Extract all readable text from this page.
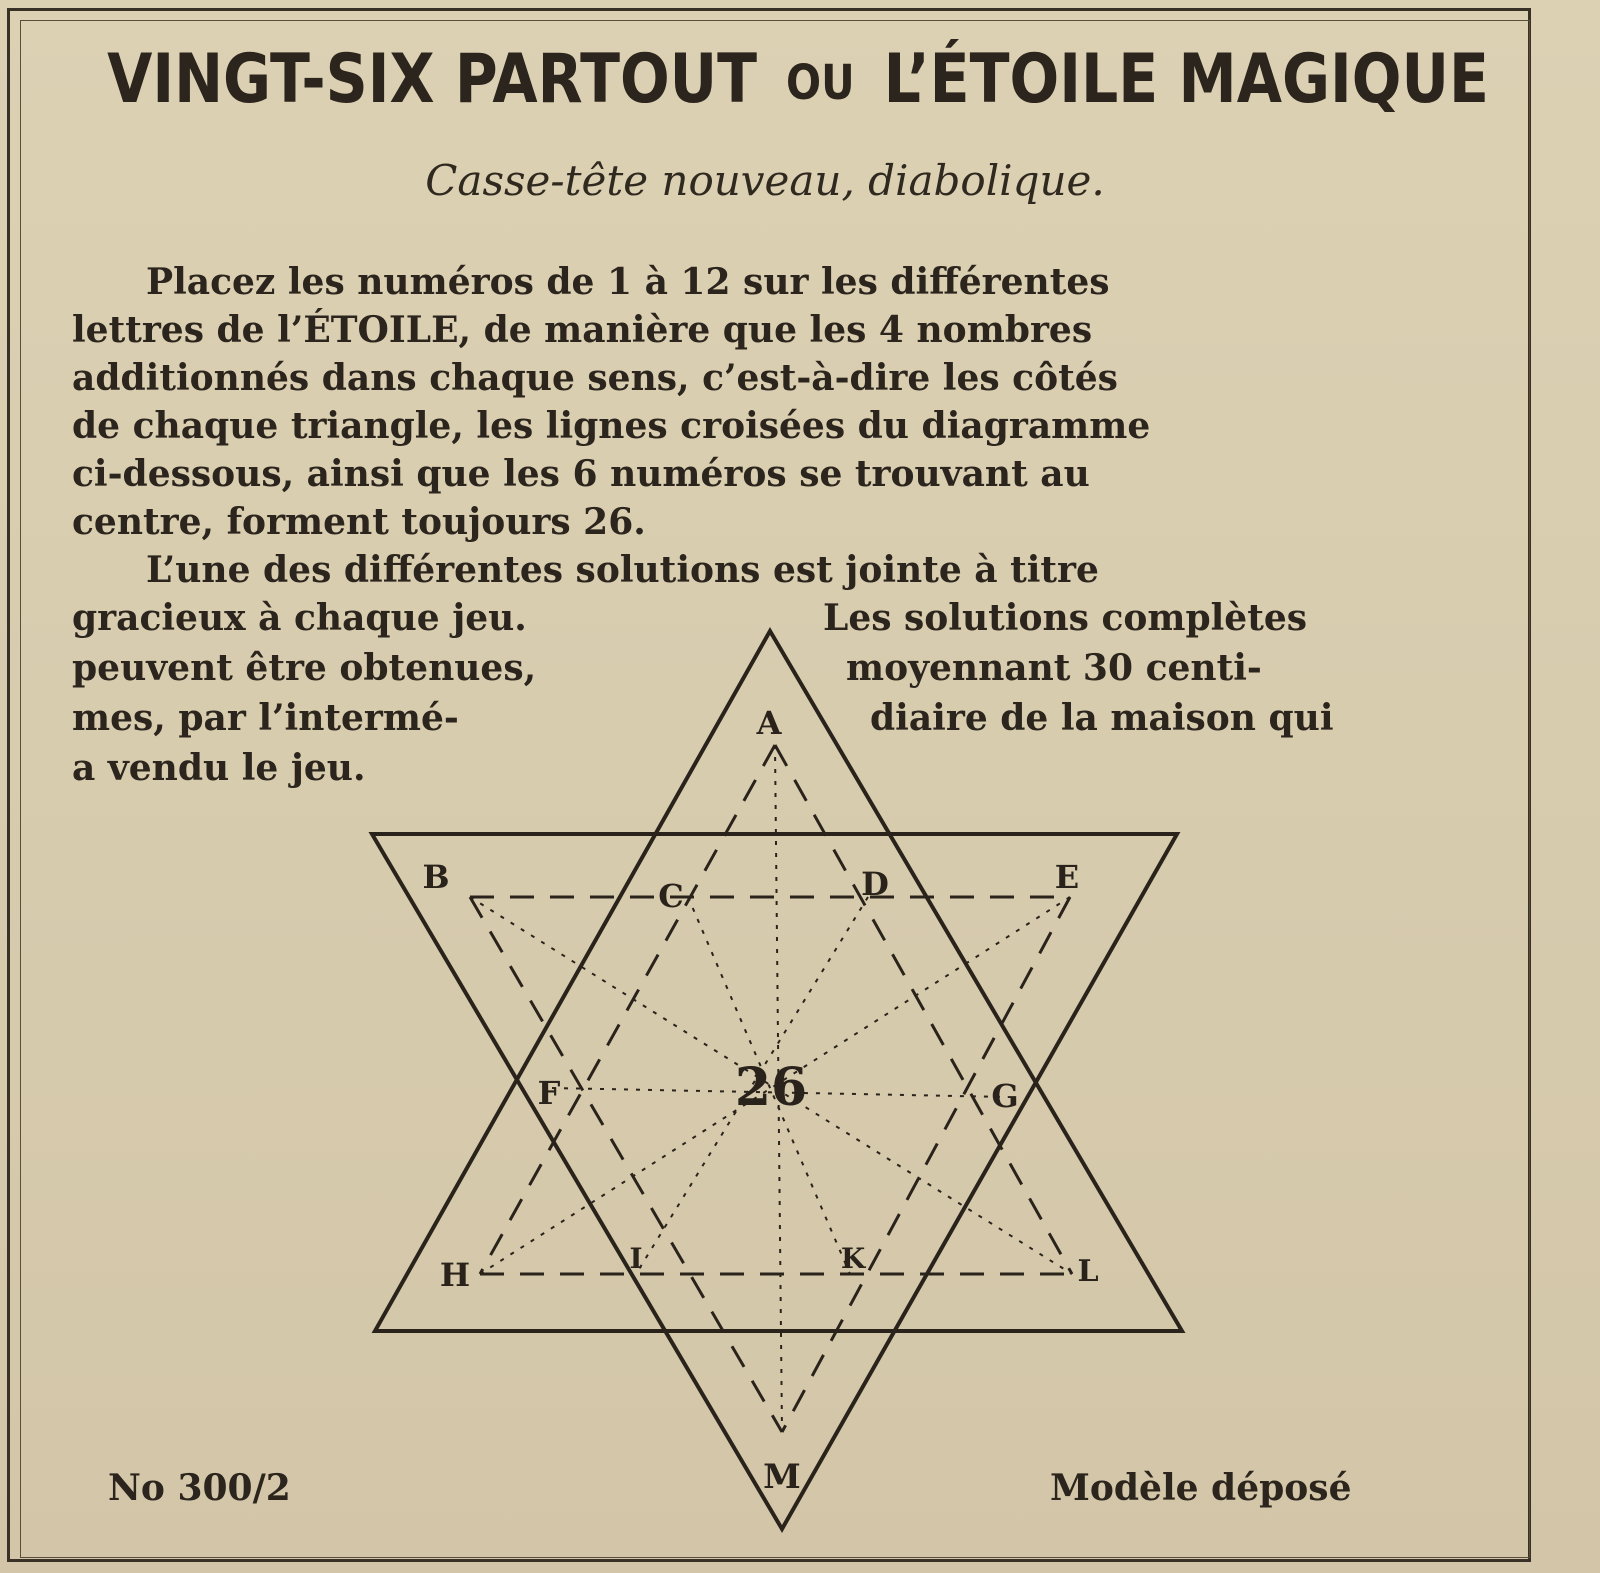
VINGT-SIX PARTOUT OU L’ÉTOILE MAGIQUE
Casse-tête nouveau, diabolique.
Placez les numéros de 1 à 12 sur les différentes
lettres de l’ÉTOILE, de manière que les 4 nombres
additionnés dans chaque sens, c’est-à-dire les côtés
de chaque triangle, les lignes croisées du diagramme
ci-dessous, ainsi que les 6 numéros se trouvant au
centre, forment toujours 26.
L’une des différentes solutions est jointe à titre
gracieux à chaque jeu.
peuvent être obtenues,
mes, par l’intermé-
a vendu le jeu.
Les solutions complètes
moyennant 30 centi-
diaire de la maison qui
26
A
B	C	D	E
F	G
H	I	K	L
M
No 300/2	Modèle déposé
